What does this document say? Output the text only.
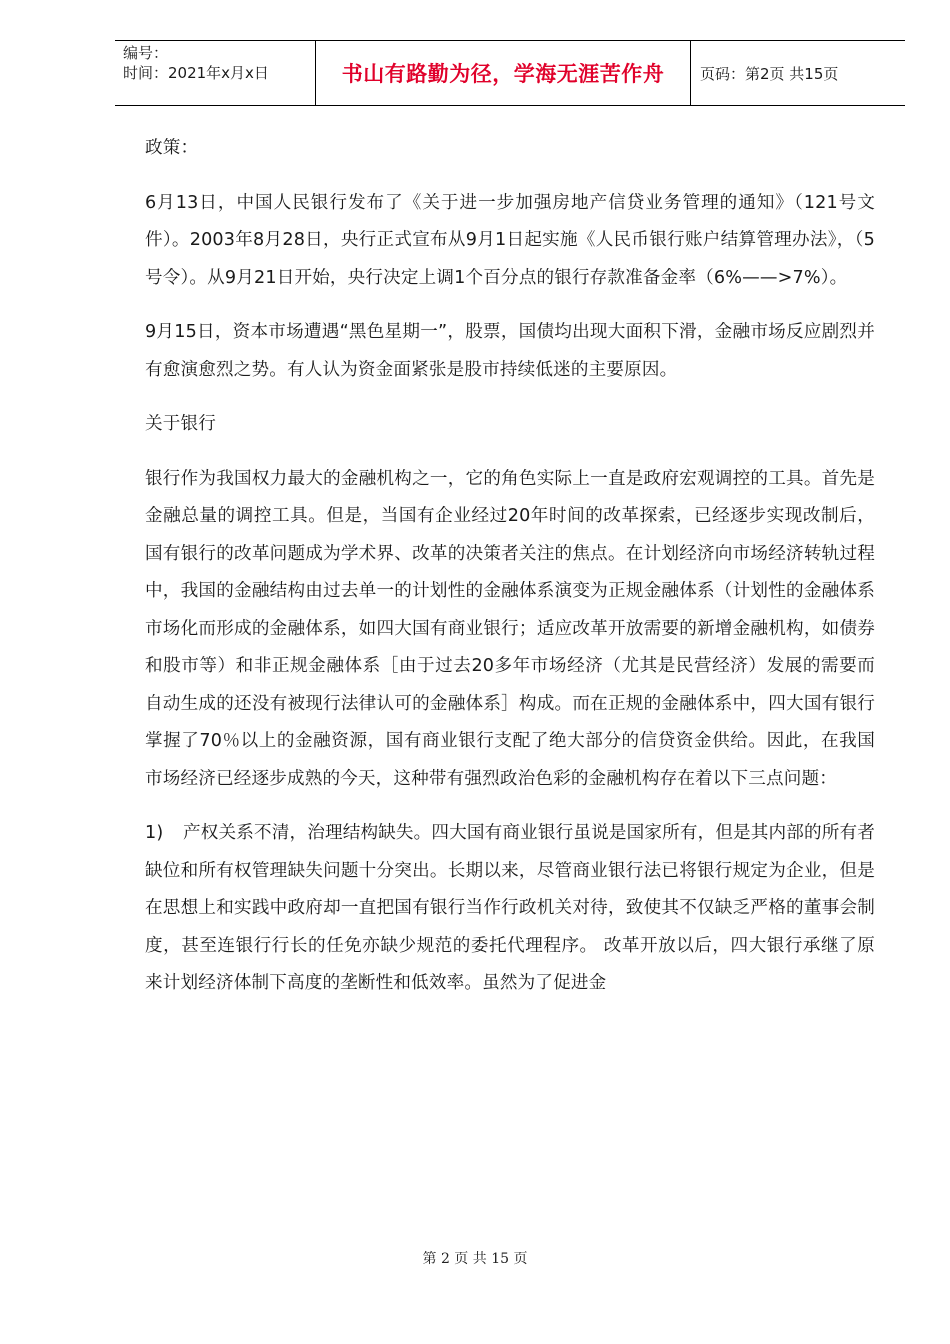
编号：
时间：2021年x月x日	书山有路勤为径，学海无涯苦作舟 页码：第2页 共15页

政策：

6月13日，中国人民银行发布了《关于进一步加强房地产信贷业务管理的通知》（121号文件）。2003年8月28日，央行正式宣布从9月1日起实施《人民币银行账户结算管理办法》，（5号令）。从9月21日开始，央行决定上调1个百分点的银行存款准备金率（6%——>7%）。

9月15日，资本市场遭遇“黑色星期一”，股票，国债均出现大面积下滑，金融市场反应剧烈并有愈演愈烈之势。有人认为资金面紧张是股市持续低迷的主要原因。

关于银行

银行作为我国权力最大的金融机构之一，它的角色实际上一直是政府宏观调控的工具。首先是金融总量的调控工具。但是，当国有企业经过20年时间的改革探索，已经逐步实现改制后，国有银行的改革问题成为学术界、改革的决策者关注的焦点。在计划经济向市场经济转轨过程中，我国的金融结构由过去单一的计划性的金融体系演变为正规金融体系（计划性的金融体系市场化而形成的金融体系，如四大国有商业银行；适应改革开放需要的新增金融机构，如债券和股市等）和非正规金融体系［由于过去20多年市场经济（尤其是民营经济）发展的需要而自动生成的还没有被现行法律认可的金融体系］构成。而在正规的金融体系中，四大国有银行掌握了70％以上的金融资源，国有商业银行支配了绝大部分的信贷资金供给。因此，在我国市场经济已经逐步成熟的今天，这种带有强烈政治色彩的金融机构存在着以下三点问题：

1) 产权关系不清，治理结构缺失。四大国有商业银行虽说是国家所有，但是其内部的所有者缺位和所有权管理缺失问题十分突出。长期以来，尽管商业银行法已将银行规定为企业，但是在思想上和实践中政府却一直把国有银行当作行政机关对待，致使其不仅缺乏严格的董事会制度，甚至连银行行长的任免亦缺少规范的委托代理程序。 改革开放以后，四大银行承继了原来计划经济体制下高度的垄断性和低效率。虽然为了促进金

第 2 页 共 15 页
